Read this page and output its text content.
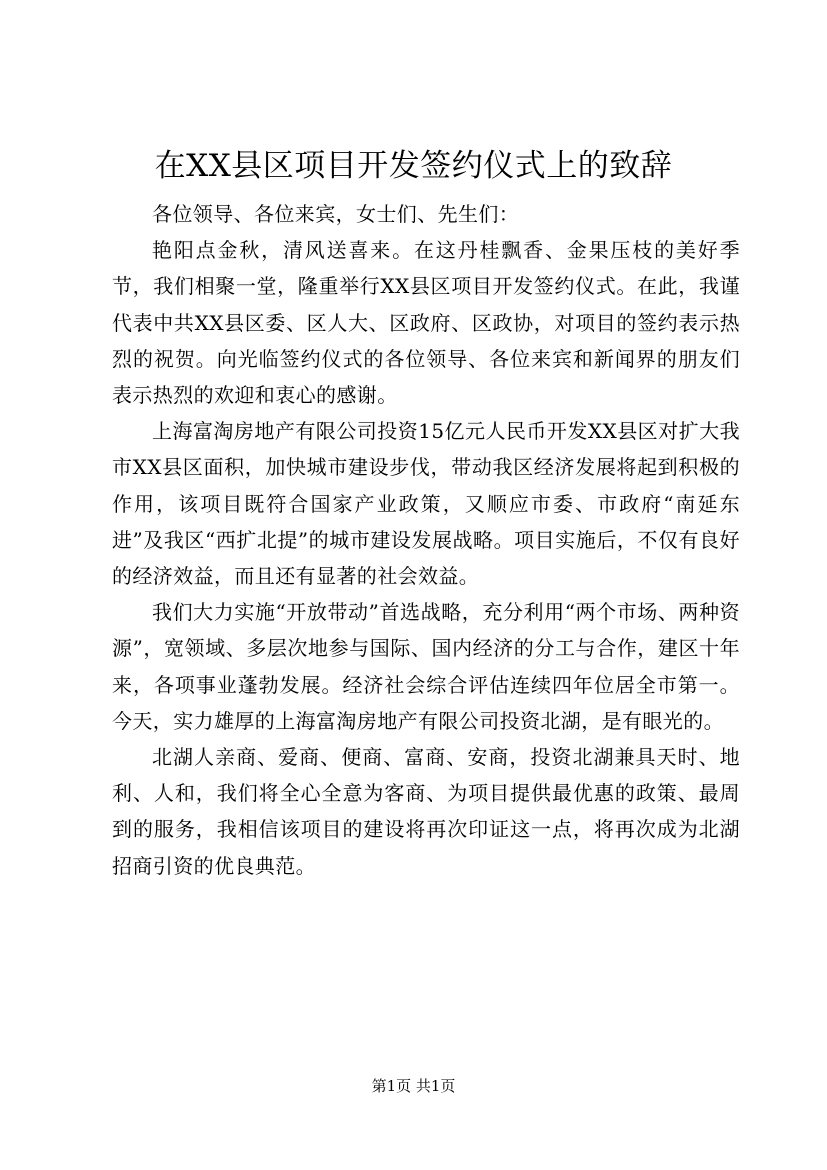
在XX县区项目开发签约仪式上的致辞

各位领导、各位来宾，女士们、先生们：

艳阳点金秋，清风送喜来。在这丹桂飘香、金果压枝的美好季节，我们相聚一堂，隆重举行XX县区项目开发签约仪式。在此，我谨代表中共XX县区委、区人大、区政府、区政协，对项目的签约表示热烈的祝贺。向光临签约仪式的各位领导、各位来宾和新闻界的朋友们表示热烈的欢迎和衷心的感谢。

上海富淘房地产有限公司投资15亿元人民币开发XX县区对扩大我市XX县区面积，加快城市建设步伐，带动我区经济发展将起到积极的作用，该项目既符合国家产业政策，又顺应市委、市政府“南延东进”及我区“西扩北提”的城市建设发展战略。项目实施后，不仅有良好的经济效益，而且还有显著的社会效益。

我们大力实施“开放带动”首选战略，充分利用“两个市场、两种资源”，宽领域、多层次地参与国际、国内经济的分工与合作，建区十年来，各项事业蓬勃发展。经济社会综合评估连续四年位居全市第一。今天，实力雄厚的上海富淘房地产有限公司投资北湖，是有眼光的。

北湖人亲商、爱商、便商、富商、安商，投资北湖兼具天时、地利、人和，我们将全心全意为客商、为项目提供最优惠的政策、最周到的服务，我相信该项目的建设将再次印证这一点，将再次成为北湖招商引资的优良典范。

第1页 共1页
